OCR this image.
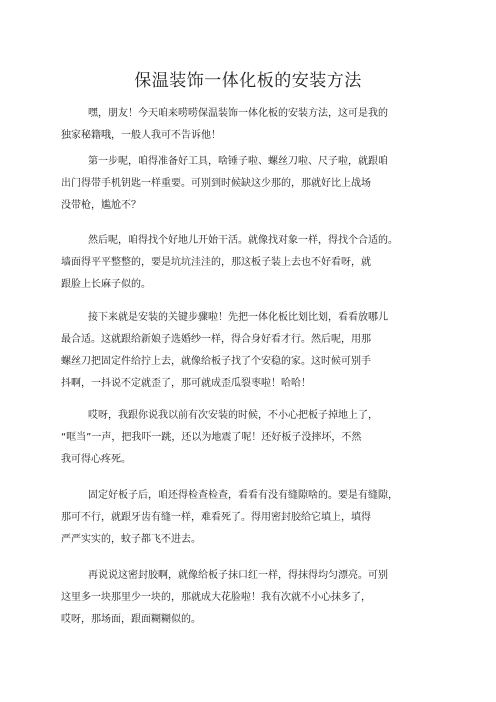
保温装饰一体化板的安装方法
嘿，朋友！今天咱来唠唠保温装饰一体化板的安装方法，这可是我的
独家秘籍哦，一般人我可不告诉他！
第一步呢，咱得准备好工具，啥锤子啦、螺丝刀啦、尺子啦，就跟咱
出门得带手机钥匙一样重要。可别到时候缺这少那的，那就好比上战场
没带枪，尴尬不？
然后呢，咱得找个好地儿开始干活。就像找对象一样，得找个合适的。
墙面得平平整整的，要是坑坑洼洼的，那这板子装上去也不好看呀，就
跟脸上长麻子似的。
接下来就是安装的关键步骤啦！先把一体化板比划比划，看看放哪儿
最合适。这就跟给新娘子选婚纱一样，得合身好看才行。然后呢，用那
螺丝刀把固定件给拧上去，就像给板子找了个安稳的家。这时候可别手
抖啊，一抖说不定就歪了，那可就成歪瓜裂枣啦！哈哈！
哎呀，我跟你说我以前有次安装的时候，不小心把板子掉地上了，
“哐当”一声，把我吓一跳，还以为地震了呢！还好板子没摔坏，不然
我可得心疼死。
固定好板子后，咱还得检查检查，看看有没有缝隙啥的。要是有缝隙，
那可不行，就跟牙齿有缝一样，难看死了。得用密封胶给它填上，填得
严严实实的，蚊子都飞不进去。
再说说这密封胶啊，就像给板子抹口红一样，得抹得均匀漂亮。可别
这里多一块那里少一块的，那就成大花脸啦！我有次就不小心抹多了，
哎呀，那场面，跟面糊糊似的。
